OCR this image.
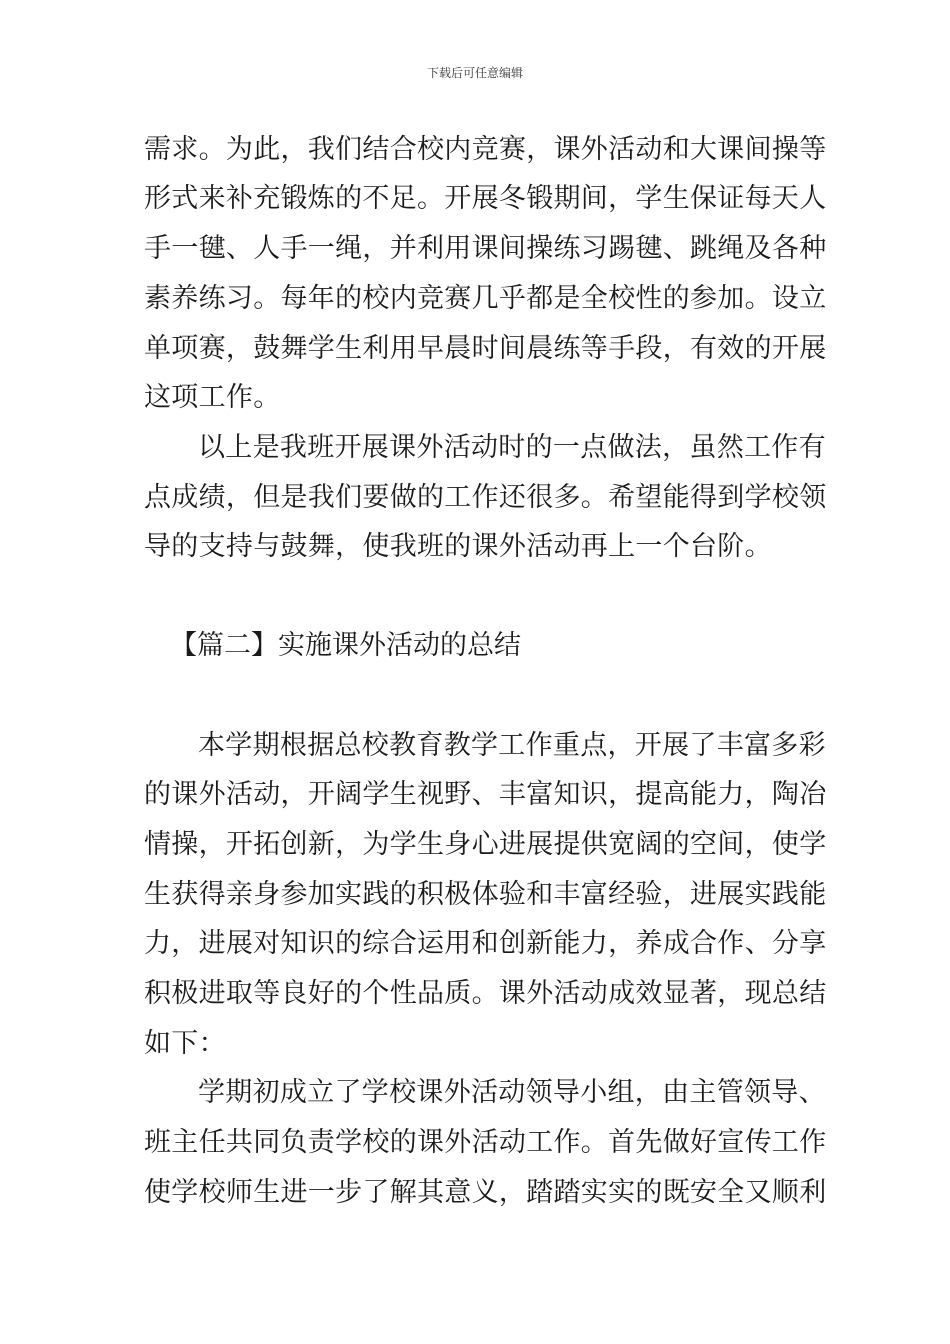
下载后可任意编辑
需求。为此，我们结合校内竞赛，课外活动和大课间操等
形式来补充锻炼的不足。开展冬锻期间，学生保证每天人
手一毽、人手一绳，并利用课间操练习踢毽、跳绳及各种
素养练习。每年的校内竞赛几乎都是全校性的参加。设立
单项赛，鼓舞学生利用早晨时间晨练等手段，有效的开展
这项工作。
以上是我班开展课外活动时的一点做法，虽然工作有
点成绩，但是我们要做的工作还很多。希望能得到学校领
导的支持与鼓舞，使我班的课外活动再上一个台阶。
【篇二】实施课外活动的总结
本学期根据总校教育教学工作重点，开展了丰富多彩
的课外活动，开阔学生视野、丰富知识，提高能力，陶冶
情操，开拓创新，为学生身心进展提供宽阔的空间，使学
生获得亲身参加实践的积极体验和丰富经验，进展实践能
力，进展对知识的综合运用和创新能力，养成合作、分享
积极进取等良好的个性品质。课外活动成效显著，现总结
如下：
学期初成立了学校课外活动领导小组，由主管领导、
班主任共同负责学校的课外活动工作。首先做好宣传工作
使学校师生进一步了解其意义，踏踏实实的既安全又顺利
